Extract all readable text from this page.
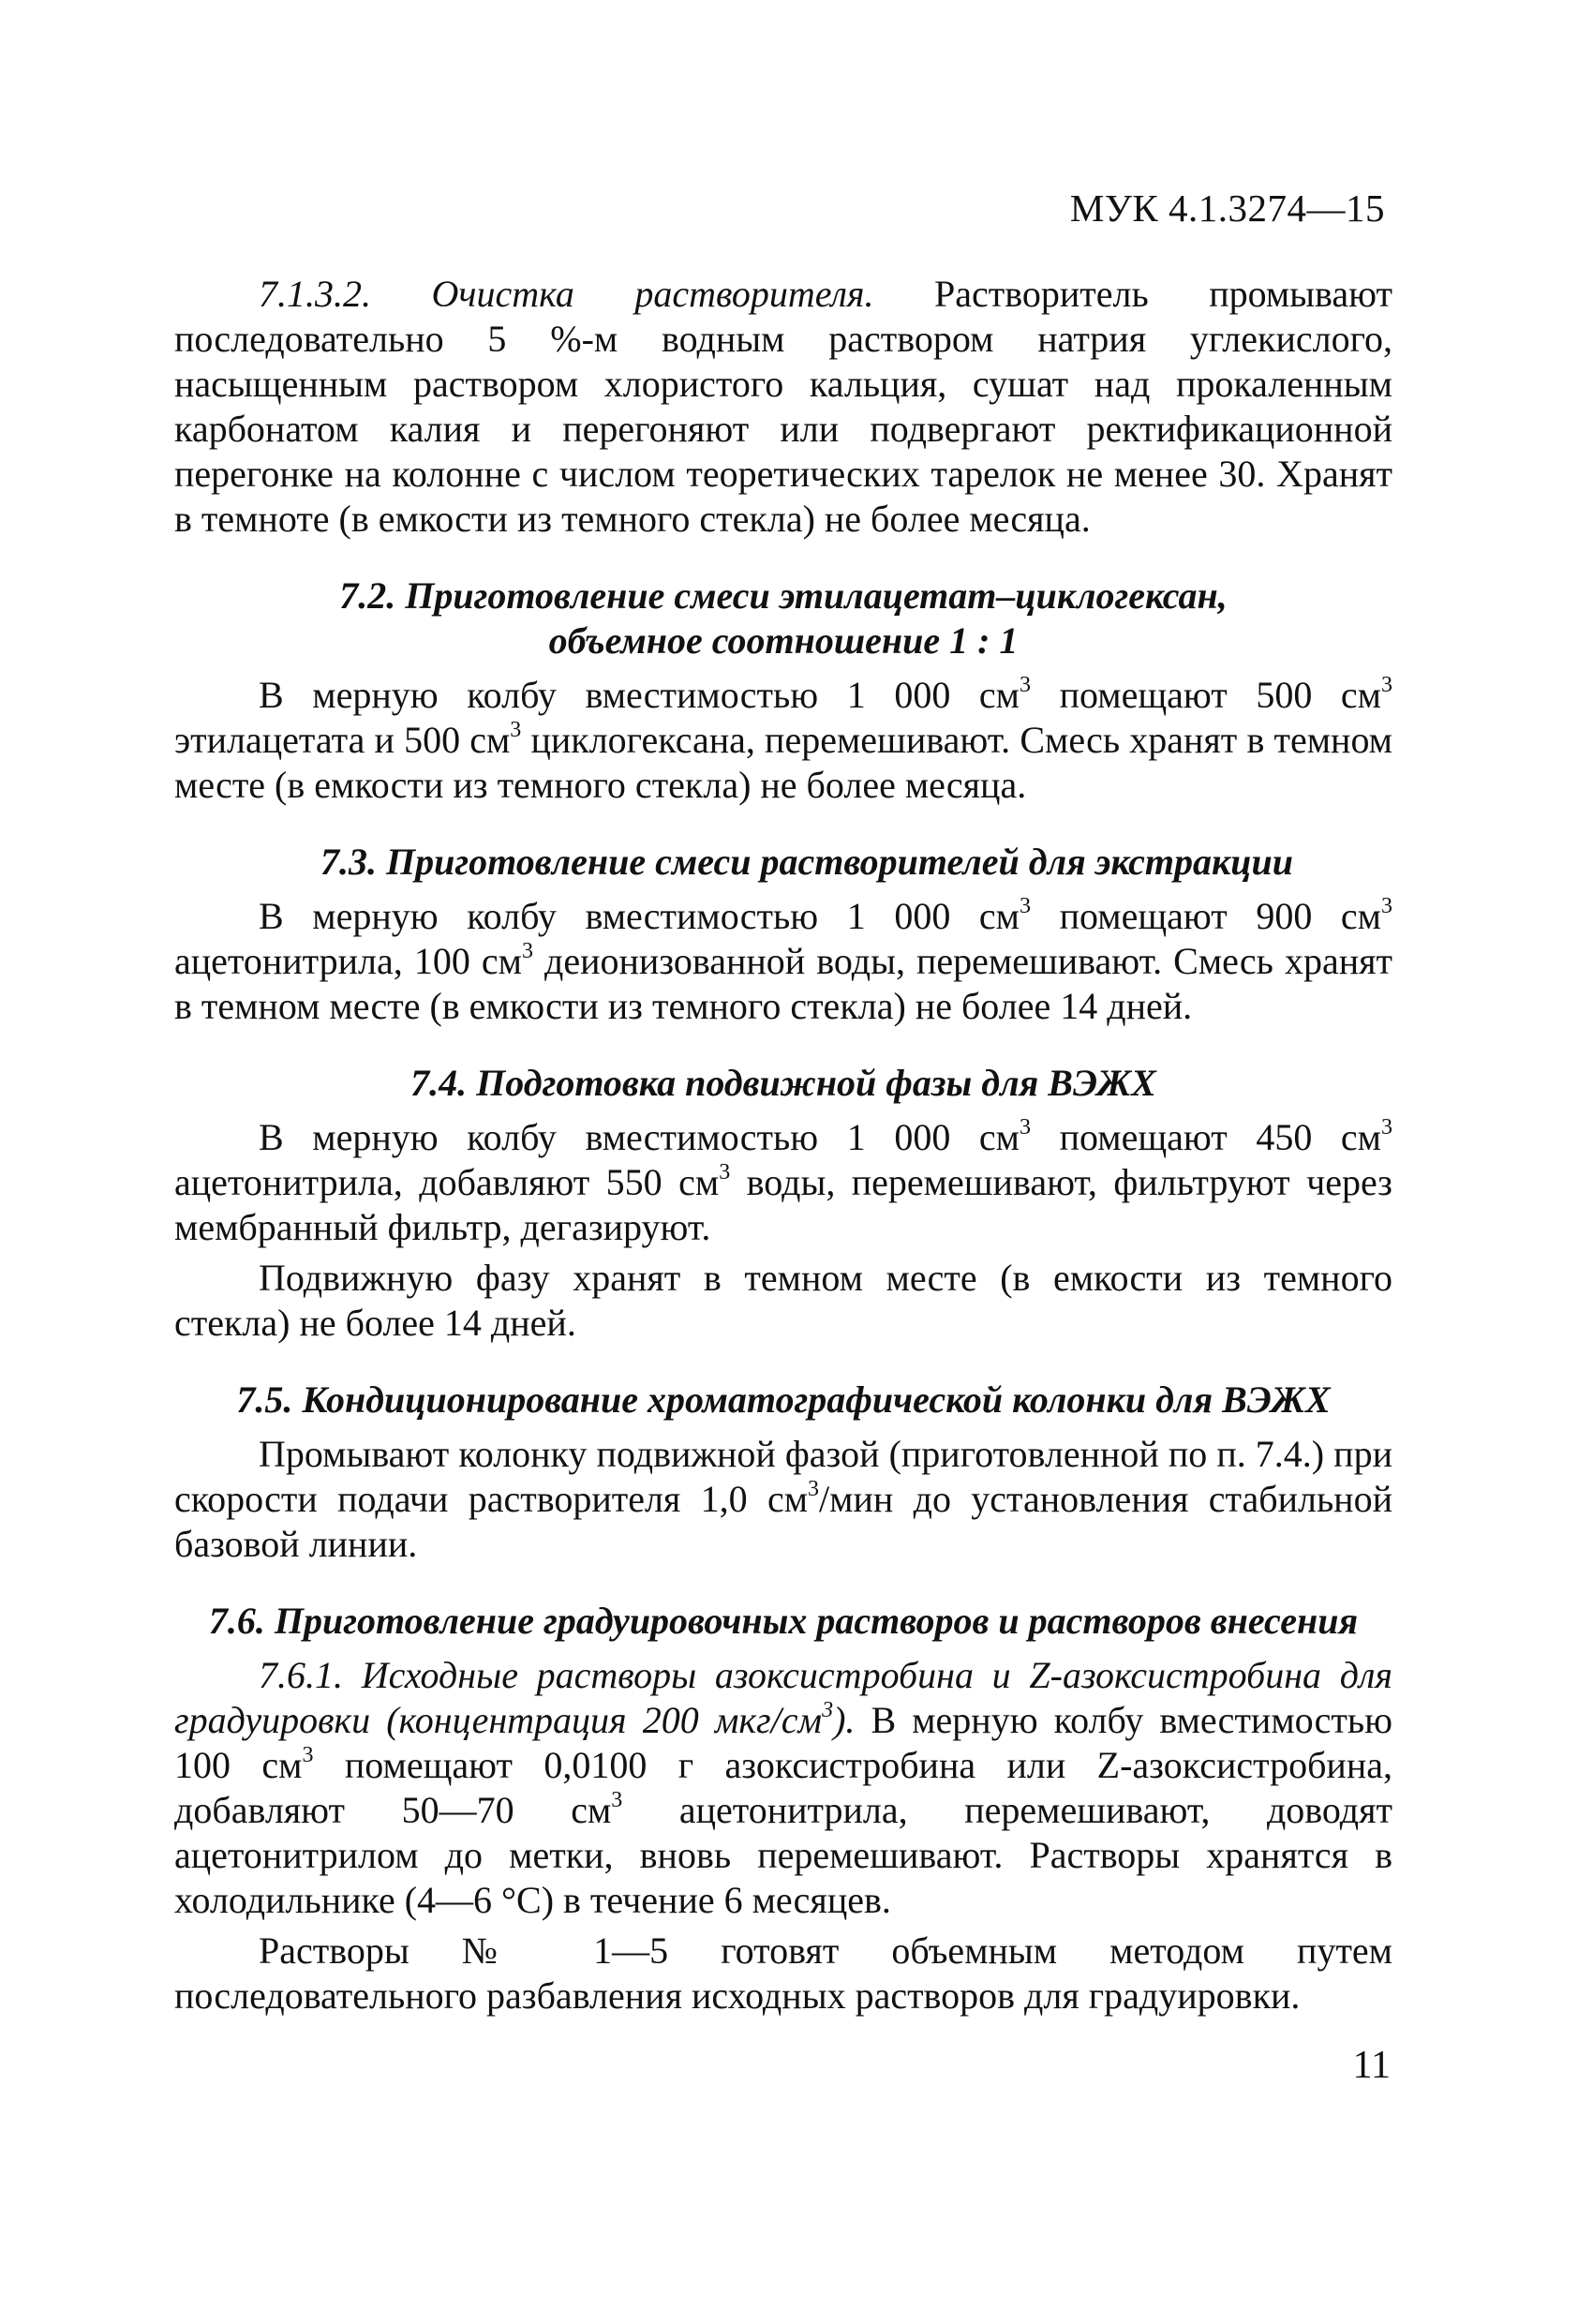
МУК 4.1.3274—15

7.1.3.2. Очистка растворителя. Растворитель промывают последовательно 5 %-м водным раствором натрия углекислого, насыщенным раствором хлористого кальция, сушат над прокаленным карбонатом калия и перегоняют или подвергают ректификационной перегонке на колонне с числом теоретических тарелок не менее 30. Хранят в темноте (в емкости из темного стекла) не более месяца.

7.2. Приготовление смеси этилацетат–циклогексан,
объемное соотношение 1 : 1

В мерную колбу вместимостью 1 000 $см^3$ помещают 500 $см^3$ этилацетата и 500 $см^3$ циклогексана, перемешивают. Смесь хранят в темном месте (в емкости из темного стекла) не более месяца.

7.3. Приготовление смеси растворителей для экстракции

В мерную колбу вместимостью 1 000 $см^3$ помещают 900 $см^3$ ацетонитрила, 100 $см^3$ деионизованной воды, перемешивают. Смесь хранят в темном месте (в емкости из темного стекла) не более 14 дней.

7.4. Подготовка подвижной фазы для ВЭЖХ

В мерную колбу вместимостью 1 000 $см^3$ помещают 450 $см^3$ ацетонитрила, добавляют 550 $см^3$ воды, перемешивают, фильтруют через мембранный фильтр, дегазируют.

Подвижную фазу хранят в темном месте (в емкости из темного стекла) не более 14 дней.

7.5. Кондиционирование хроматографической колонки для ВЭЖХ

Промывают колонку подвижной фазой (приготовленной по п. 7.4.) при скорости подачи растворителя 1,0 $см^3$/мин до установления стабильной базовой линии.

7.6. Приготовление градуировочных растворов и растворов внесения

7.6.1. Исходные растворы азоксистробина и Z-азоксистробина для градуировки (концентрация 200 мкг/$см^3$). В мерную колбу вместимостью 100 $см^3$ помещают 0,0100 г азоксистробина или Z-азоксистробина, добавляют 50—70 $см^3$ ацетонитрила, перемешивают, доводят ацетонитрилом до метки, вновь перемешивают. Растворы хранятся в холодильнике (4—6 °С) в течение 6 месяцев.

Растворы № 1—5 готовят объемным методом путем последовательного разбавления исходных растворов для градуировки.

11
